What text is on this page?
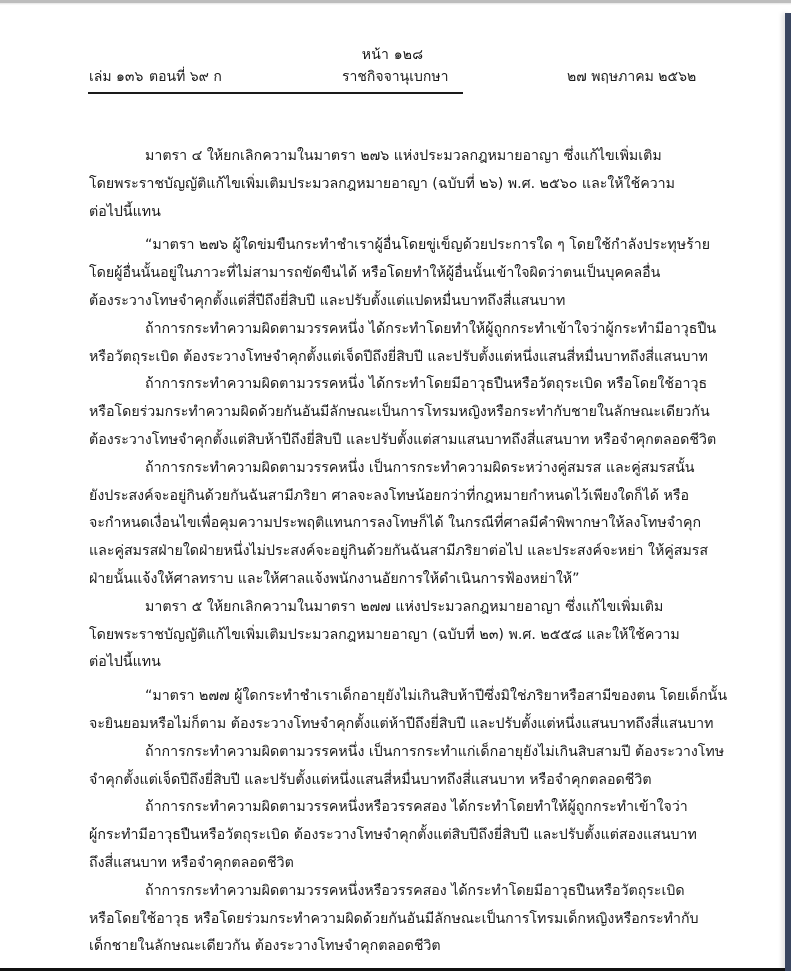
หน้า ๑๒๘
เล่ม ๑๓๖ ตอนที่ ๖๙ ก	ราชกิจจานุเบกษา	๒๗ พฤษภาคม ๒๕๖๒
มาตรา ๔ ให้ยกเลิกความในมาตรา ๒๗๖ แห่งประมวลกฎหมายอาญา ซึ่งแก้ไขเพิ่มเติม
โดยพระราชบัญญัติแก้ไขเพิ่มเติมประมวลกฎหมายอาญา (ฉบับที่ ๒๖) พ.ศ. ๒๕๖๐ และให้ใช้ความ
ต่อไปนี้แทน
“มาตรา ๒๗๖ ผู้ใดข่มขืนกระทำชำเราผู้อื่นโดยขู่เข็ญด้วยประการใด ๆ โดยใช้กำลังประทุษร้าย
โดยผู้อื่นนั้นอยู่ในภาวะที่ไม่สามารถขัดขืนได้ หรือโดยทำให้ผู้อื่นนั้นเข้าใจผิดว่าตนเป็นบุคคลอื่น
ต้องระวางโทษจำคุกตั้งแต่สี่ปีถึงยี่สิบปี และปรับตั้งแต่แปดหมื่นบาทถึงสี่แสนบาท
ถ้าการกระทำความผิดตามวรรคหนึ่ง ได้กระทำโดยทำให้ผู้ถูกกระทำเข้าใจว่าผู้กระทำมีอาวุธปืน
หรือวัตถุระเบิด ต้องระวางโทษจำคุกตั้งแต่เจ็ดปีถึงยี่สิบปี และปรับตั้งแต่หนึ่งแสนสี่หมื่นบาทถึงสี่แสนบาท
ถ้าการกระทำความผิดตามวรรคหนึ่ง ได้กระทำโดยมีอาวุธปืนหรือวัตถุระเบิด หรือโดยใช้อาวุธ
หรือโดยร่วมกระทำความผิดด้วยกันอันมีลักษณะเป็นการโทรมหญิงหรือกระทำกับชายในลักษณะเดียวกัน
ต้องระวางโทษจำคุกตั้งแต่สิบห้าปีถึงยี่สิบปี และปรับตั้งแต่สามแสนบาทถึงสี่แสนบาท หรือจำคุกตลอดชีวิต
ถ้าการกระทำความผิดตามวรรคหนึ่ง เป็นการกระทำความผิดระหว่างคู่สมรส และคู่สมรสนั้น
ยังประสงค์จะอยู่กินด้วยกันฉันสามีภริยา ศาลจะลงโทษน้อยกว่าที่กฎหมายกำหนดไว้เพียงใดก็ได้ หรือ
จะกำหนดเงื่อนไขเพื่อคุมความประพฤติแทนการลงโทษก็ได้ ในกรณีที่ศาลมีคำพิพากษาให้ลงโทษจำคุก
และคู่สมรสฝ่ายใดฝ่ายหนึ่งไม่ประสงค์จะอยู่กินด้วยกันฉันสามีภริยาต่อไป และประสงค์จะหย่า ให้คู่สมรส
ฝ่ายนั้นแจ้งให้ศาลทราบ และให้ศาลแจ้งพนักงานอัยการให้ดำเนินการฟ้องหย่าให้”
มาตรา ๕ ให้ยกเลิกความในมาตรา ๒๗๗ แห่งประมวลกฎหมายอาญา ซึ่งแก้ไขเพิ่มเติม
โดยพระราชบัญญัติแก้ไขเพิ่มเติมประมวลกฎหมายอาญา (ฉบับที่ ๒๓) พ.ศ. ๒๕๕๘ และให้ใช้ความ
ต่อไปนี้แทน
“มาตรา ๒๗๗ ผู้ใดกระทำชำเราเด็กอายุยังไม่เกินสิบห้าปีซึ่งมิใช่ภริยาหรือสามีของตน โดยเด็กนั้น
จะยินยอมหรือไม่ก็ตาม ต้องระวางโทษจำคุกตั้งแต่ห้าปีถึงยี่สิบปี และปรับตั้งแต่หนึ่งแสนบาทถึงสี่แสนบาท
ถ้าการกระทำความผิดตามวรรคหนึ่ง เป็นการกระทำแก่เด็กอายุยังไม่เกินสิบสามปี ต้องระวางโทษ
จำคุกตั้งแต่เจ็ดปีถึงยี่สิบปี และปรับตั้งแต่หนึ่งแสนสี่หมื่นบาทถึงสี่แสนบาท หรือจำคุกตลอดชีวิต
ถ้าการกระทำความผิดตามวรรคหนึ่งหรือวรรคสอง ได้กระทำโดยทำให้ผู้ถูกกระทำเข้าใจว่า
ผู้กระทำมีอาวุธปืนหรือวัตถุระเบิด ต้องระวางโทษจำคุกตั้งแต่สิบปีถึงยี่สิบปี และปรับตั้งแต่สองแสนบาท
ถึงสี่แสนบาท หรือจำคุกตลอดชีวิต
ถ้าการกระทำความผิดตามวรรคหนึ่งหรือวรรคสอง ได้กระทำโดยมีอาวุธปืนหรือวัตถุระเบิด
หรือโดยใช้อาวุธ หรือโดยร่วมกระทำความผิดด้วยกันอันมีลักษณะเป็นการโทรมเด็กหญิงหรือกระทำกับ
เด็กชายในลักษณะเดียวกัน ต้องระวางโทษจำคุกตลอดชีวิต
